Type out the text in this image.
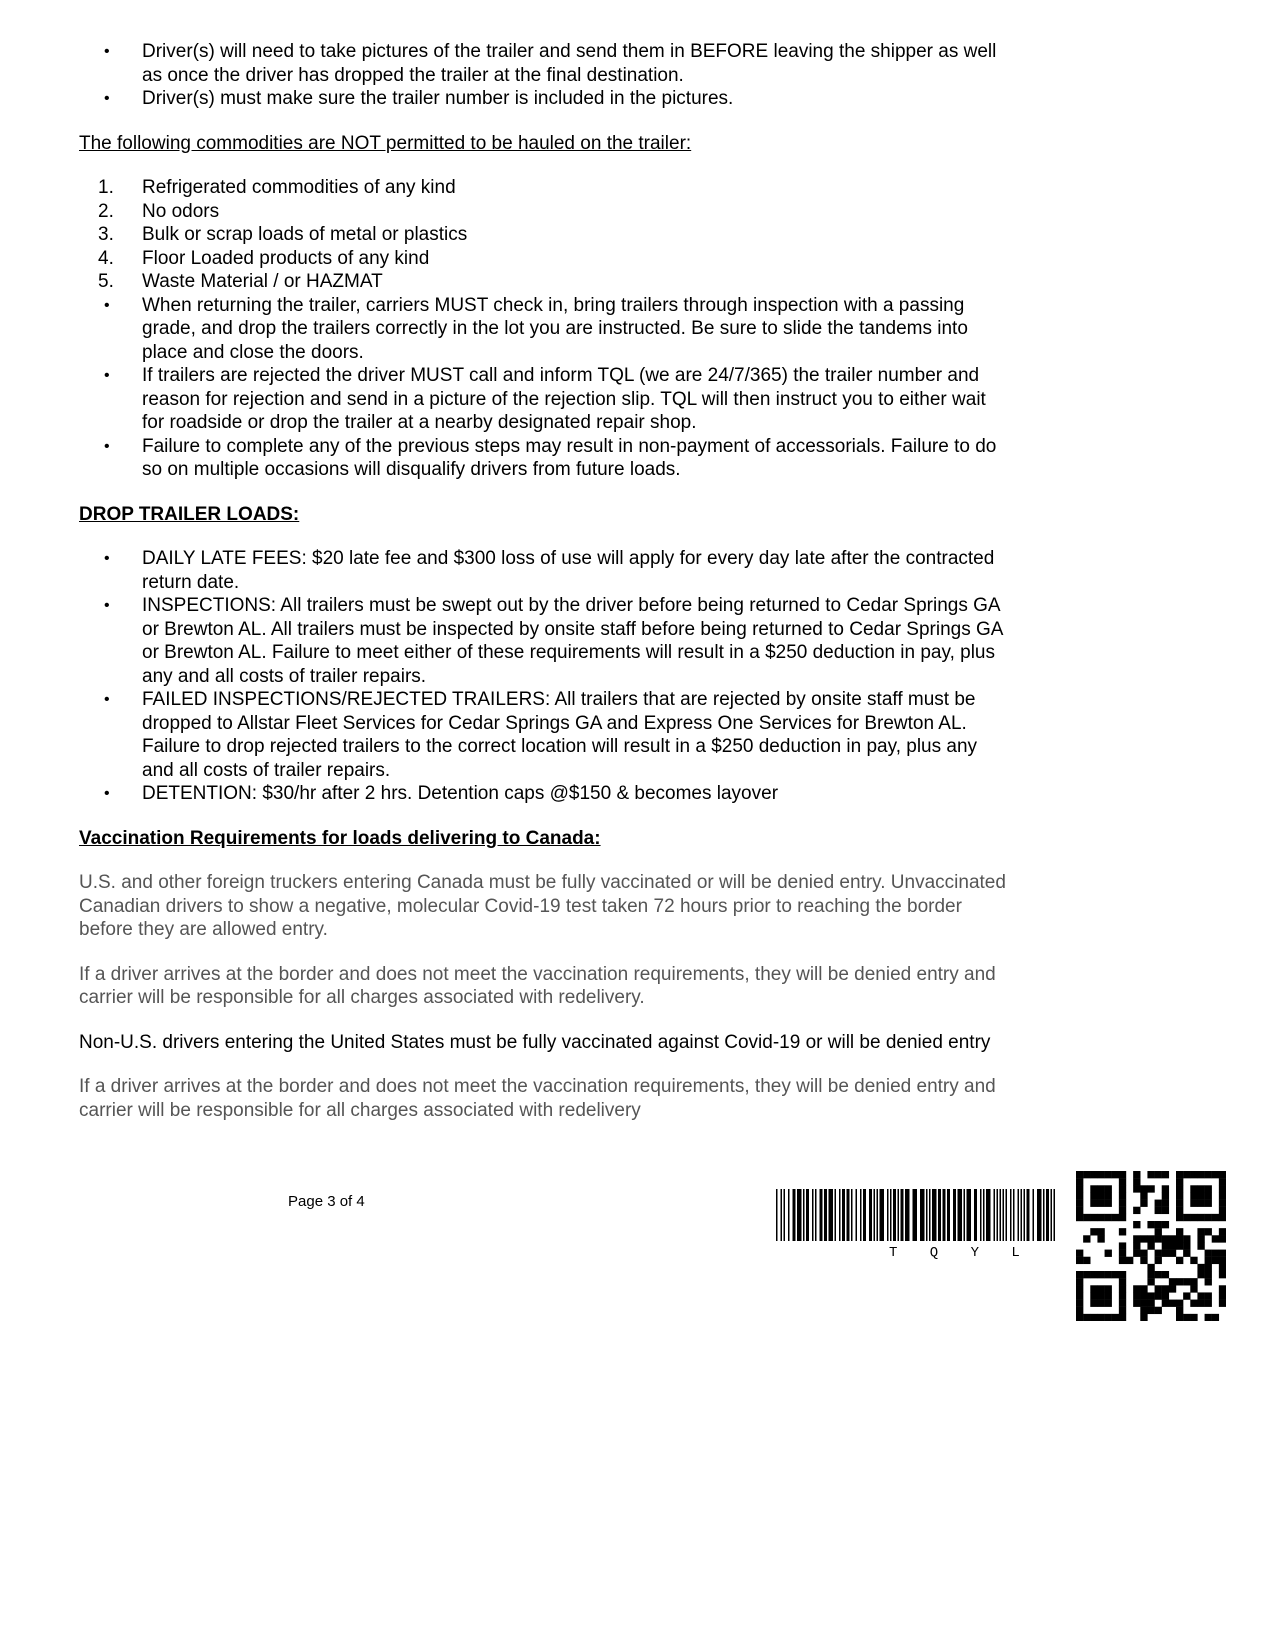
• Driver(s) will need to take pictures of the trailer and send them in BEFORE leaving the shipper as well
as once the driver has dropped the trailer at the final destination.
• Driver(s) must make sure the trailer number is included in the pictures.
The following commodities are NOT permitted to be hauled on the trailer:
1. Refrigerated commodities of any kind
2. No odors
3. Bulk or scrap loads of metal or plastics
4. Floor Loaded products of any kind
5. Waste Material / or HAZMAT
• When returning the trailer, carriers MUST check in, bring trailers through inspection with a passing
grade, and drop the trailers correctly in the lot you are instructed. Be sure to slide the tandems into
place and close the doors.
• If trailers are rejected the driver MUST call and inform TQL (we are 24/7/365) the trailer number and
reason for rejection and send in a picture of the rejection slip. TQL will then instruct you to either wait
for roadside or drop the trailer at a nearby designated repair shop.
• Failure to complete any of the previous steps may result in non-payment of accessorials. Failure to do
so on multiple occasions will disqualify drivers from future loads.
DROP TRAILER LOADS:
• DAILY LATE FEES: $20 late fee and $300 loss of use will apply for every day late after the contracted
return date.
• INSPECTIONS: All trailers must be swept out by the driver before being returned to Cedar Springs GA
or Brewton AL. All trailers must be inspected by onsite staff before being returned to Cedar Springs GA
or Brewton AL. Failure to meet either of these requirements will result in a $250 deduction in pay, plus
any and all costs of trailer repairs.
• FAILED INSPECTIONS/REJECTED TRAILERS: All trailers that are rejected by onsite staff must be
dropped to Allstar Fleet Services for Cedar Springs GA and Express One Services for Brewton AL.
Failure to drop rejected trailers to the correct location will result in a $250 deduction in pay, plus any
and all costs of trailer repairs.
• DETENTION: $30/hr after 2 hrs. Detention caps @$150 & becomes layover
Vaccination Requirements for loads delivering to Canada:
U.S. and other foreign truckers entering Canada must be fully vaccinated or will be denied entry. Unvaccinated
Canadian drivers to show a negative, molecular Covid-19 test taken 72 hours prior to reaching the border
before they are allowed entry.
If a driver arrives at the border and does not meet the vaccination requirements, they will be denied entry and
carrier will be responsible for all charges associated with redelivery.
Non-U.S. drivers entering the United States must be fully vaccinated against Covid-19 or will be denied entry
If a driver arrives at the border and does not meet the vaccination requirements, they will be denied entry and
carrier will be responsible for all charges associated with redelivery
Page 3 of 4
T Q Y L
